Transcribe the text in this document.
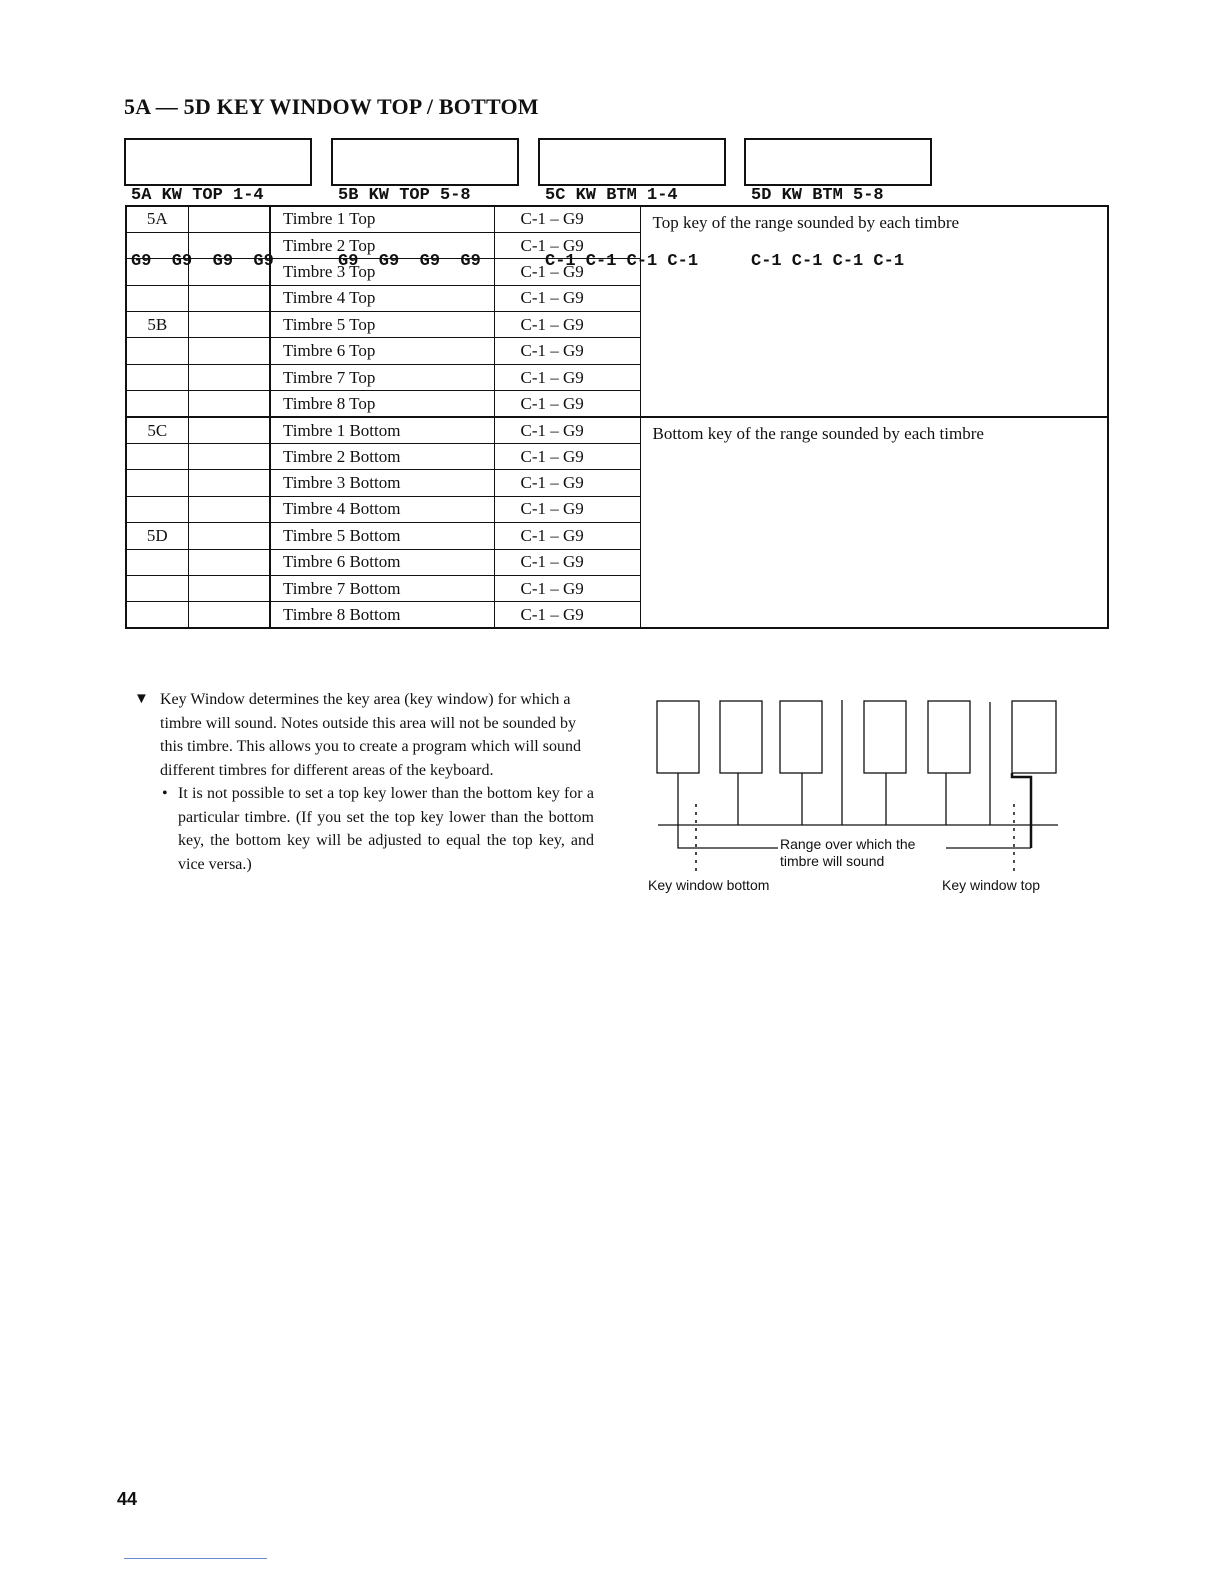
5A — 5D KEY WINDOW TOP / BOTTOM

5A KW TOP 1-4

G9  G9  G9  G9

5B KW TOP 5-8

G9  G9  G9  G9

5C KW BTM 1-4

C-1 C-1 C-1 C-1

5D KW BTM 5-8

C-1 C-1 C-1 C-1

5A		Timbre 1 Top	C-1 – G9	Top key of the range sounded by each timbre
		Timbre 2 Top	C-1 – G9	
		Timbre 3 Top	C-1 – G9	
		Timbre 4 Top	C-1 – G9	
5B		Timbre 5 Top	C-1 – G9	
		Timbre 6 Top	C-1 – G9	
		Timbre 7 Top	C-1 – G9	
		Timbre 8 Top	C-1 – G9	
5C		Timbre 1 Bottom	C-1 – G9	Bottom key of the range sounded by each timbre
		Timbre 2 Bottom	C-1 – G9	
		Timbre 3 Bottom	C-1 – G9	
		Timbre 4 Bottom	C-1 – G9	
5D		Timbre 5 Bottom	C-1 – G9	
		Timbre 6 Bottom	C-1 – G9	
		Timbre 7 Bottom	C-1 – G9	
		Timbre 8 Bottom	C-1 – G9	
▼ Key Window determines the key area (key window) for which a timbre will sound. Notes outside this area will not be sounded by this timbre. This allows you to create a program which will sound different timbres for different areas of the keyboard.
• It is not possible to set a top key lower than the bottom key for a particular timbre. (If you set the top key lower than the bottom key, the bottom key will be adjusted to equal the top key, and vice versa.)
Range over which the
timbre will sound
Key window bottom	Key window top
44
